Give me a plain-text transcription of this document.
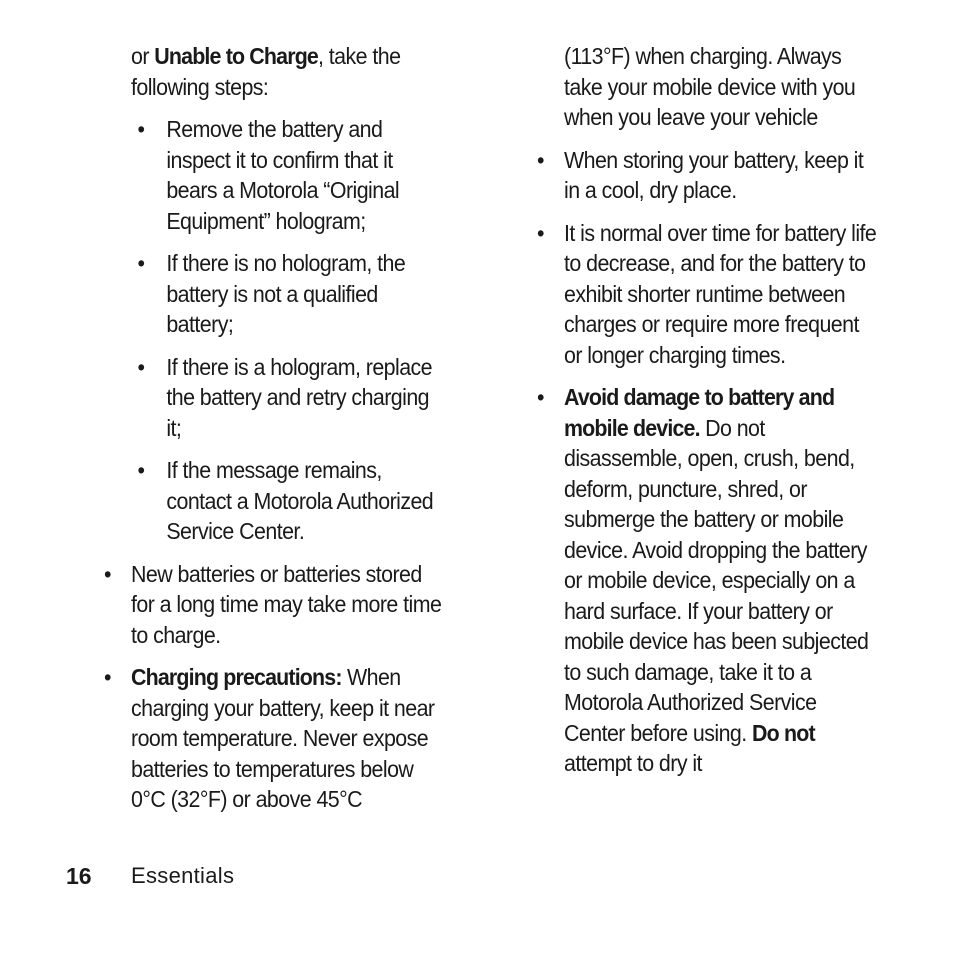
or Unable to Charge, take the following steps:

• Remove the battery and inspect it to confirm that it bears a Motorola “Original Equipment” hologram;
• If there is no hologram, the battery is not a qualified battery;
• If there is a hologram, replace the battery and retry charging it;
• If the message remains, contact a Motorola Authorized Service Center.
• New batteries or batteries stored for a long time may take more time to charge.
• Charging precautions: When charging your battery, keep it near room temperature. Never expose batteries to temperatures below 0°C (32°F) or above 45°C

(113°F) when charging. Always take your mobile device with you when you leave your vehicle

• When storing your battery, keep it in a cool, dry place.
• It is normal over time for battery life to decrease, and for the battery to exhibit shorter runtime between charges or require more frequent or longer charging times.
• Avoid damage to battery and mobile device. Do not disassemble, open, crush, bend, deform, puncture, shred, or submerge the battery or mobile device. Avoid dropping the battery or mobile device, especially on a hard surface. If your battery or mobile device has been subjected to such damage, take it to a Motorola Authorized Service Center before using. Do not attempt to dry it
16 Essentials
